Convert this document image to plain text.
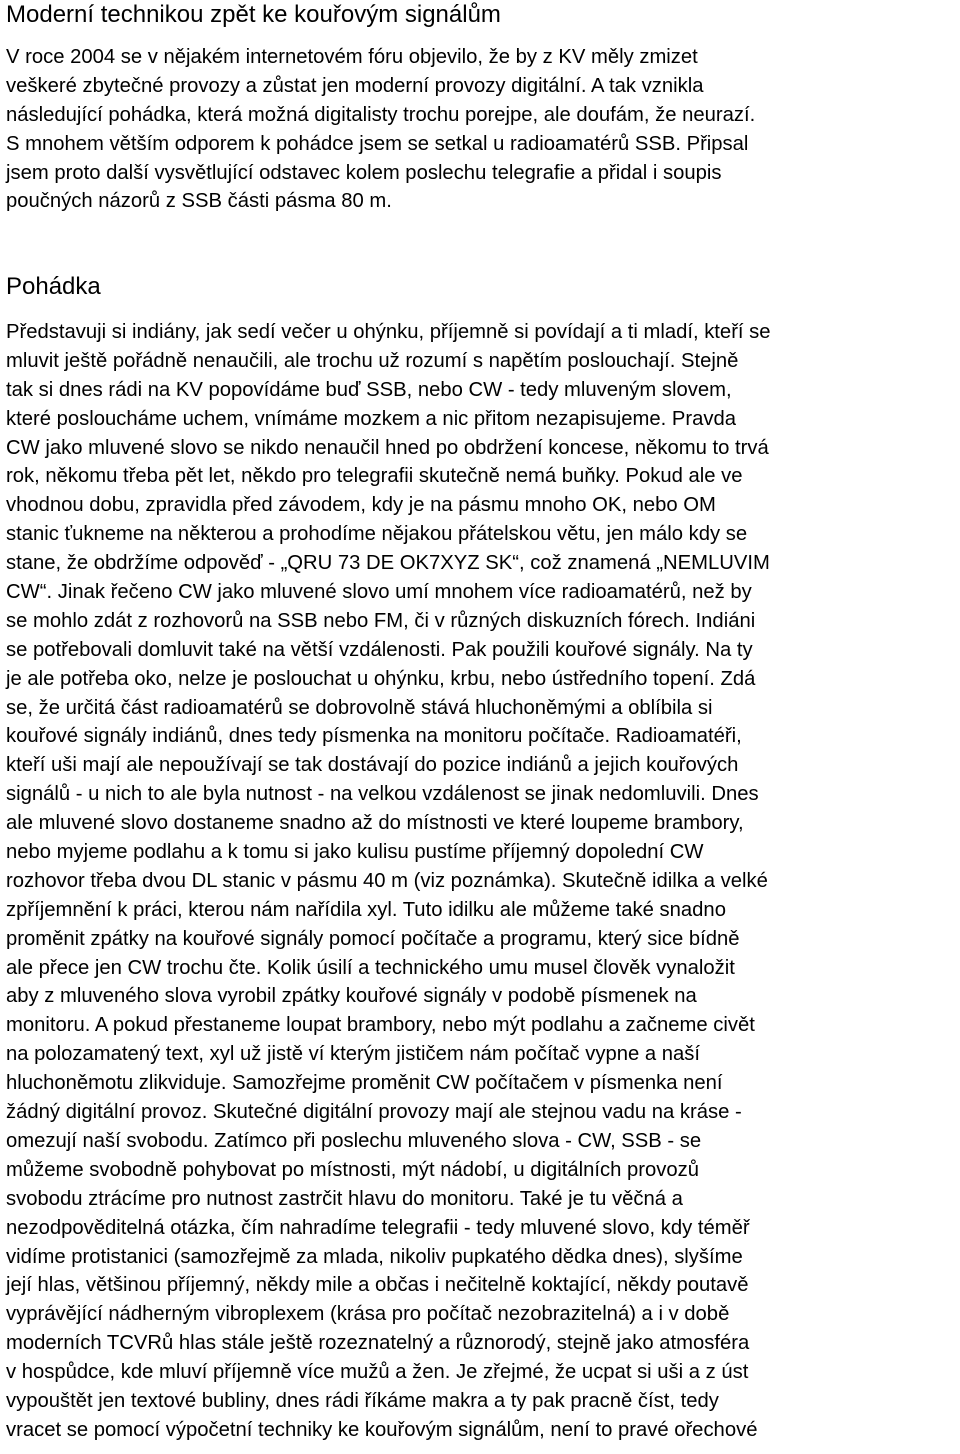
Moderní technikou zpět ke kouřovým signálům
V roce 2004 se v nějakém internetovém fóru objevilo, že by z KV měly zmizet
veškeré zbytečné provozy a zůstat jen moderní provozy digitální. A tak vznikla
následující pohádka, která možná digitalisty trochu porejpe, ale doufám, že neurazí.
S mnohem větším odporem k pohádce jsem se setkal u radioamatérů SSB. Připsal
jsem proto další vysvětlující odstavec kolem poslechu telegrafie a přidal i soupis
poučných názorů z SSB části pásma 80 m.
Pohádka
Představuji si indiány, jak sedí večer u ohýnku, příjemně si povídají a ti mladí, kteří se
mluvit ještě pořádně nenaučili, ale trochu už rozumí s napětím poslouchají. Stejně
tak si dnes rádi na KV popovídáme buď SSB, nebo CW - tedy mluveným slovem,
které posloucháme uchem, vnímáme mozkem a nic přitom nezapisujeme. Pravda
CW jako mluvené slovo se nikdo nenaučil hned po obdržení koncese, někomu to trvá
rok, někomu třeba pět let, někdo pro telegrafii skutečně nemá buňky. Pokud ale ve
vhodnou dobu, zpravidla před závodem, kdy je na pásmu mnoho OK, nebo OM
stanic ťukneme na některou a prohodíme nějakou přátelskou větu, jen málo kdy se
stane, že obdržíme odpověď - „QRU 73 DE OK7XYZ SK“, což znamená „NEMLUVIM
CW“. Jinak řečeno CW jako mluvené slovo umí mnohem více radioamatérů, než by
se mohlo zdát z rozhovorů na SSB nebo FM, či v různých diskuzních fórech. Indiáni
se potřebovali domluvit také na větší vzdálenosti. Pak použili kouřové signály. Na ty
je ale potřeba oko, nelze je poslouchat u ohýnku, krbu, nebo ústředního topení. Zdá
se, že určitá část radioamatérů se dobrovolně stává hluchoněmými a oblíbila si
kouřové signály indiánů, dnes tedy písmenka na monitoru počítače. Radioamatéři,
kteří uši mají ale nepoužívají se tak dostávají do pozice indiánů a jejich kouřových
signálů - u nich to ale byla nutnost - na velkou vzdálenost se jinak nedomluvili. Dnes
ale mluvené slovo dostaneme snadno až do místnosti ve které loupeme brambory,
nebo myjeme podlahu a k tomu si jako kulisu pustíme příjemný dopolední CW
rozhovor třeba dvou DL stanic v pásmu 40 m (viz poznámka). Skutečně idilka a velké
zpříjemnění k práci, kterou nám nařídila xyl. Tuto idilku ale můžeme také snadno
proměnit zpátky na kouřové signály pomocí počítače a programu, který sice bídně
ale přece jen CW trochu čte. Kolik úsilí a technického umu musel člověk vynaložit
aby z mluveného slova vyrobil zpátky kouřové signály v podobě písmenek na
monitoru. A pokud přestaneme loupat brambory, nebo mýt podlahu a začneme civět
na polozamatený text, xyl už jistě ví kterým jističem nám počítač vypne a naší
hluchoněmotu zlikviduje. Samozřejme proměnit CW počítačem v písmenka není
žádný digitální provoz. Skutečné digitální provozy mají ale stejnou vadu na kráse -
omezují naší svobodu. Zatímco při poslechu mluveného slova - CW, SSB - se
můžeme svobodně pohybovat po místnosti, mýt nádobí, u digitálních provozů
svobodu ztrácíme pro nutnost zastrčit hlavu do monitoru. Také je tu věčná a
nezodpověditelná otázka, čím nahradíme telegrafii - tedy mluvené slovo, kdy téměř
vidíme protistanici (samozřejmě za mlada, nikoliv pupkatého dědka dnes), slyšíme
její hlas, většinou příjemný, někdy mile a občas i nečitelně koktající, někdy poutavě
vyprávějící nádherným vibroplexem (krása pro počítač nezobrazitelná) a i v době
moderních TCVRů hlas stále ještě rozeznatelný a různorodý, stejně jako atmosféra
v hospůdce, kde mluví příjemně více mužů a žen. Je zřejmé, že ucpat si uši a z úst
vypouštět jen textové bubliny, dnes rádi říkáme makra a ty pak pracně číst, tedy
vracet se pomocí výpočetní techniky ke kouřovým signálům, není to pravé ořechové
